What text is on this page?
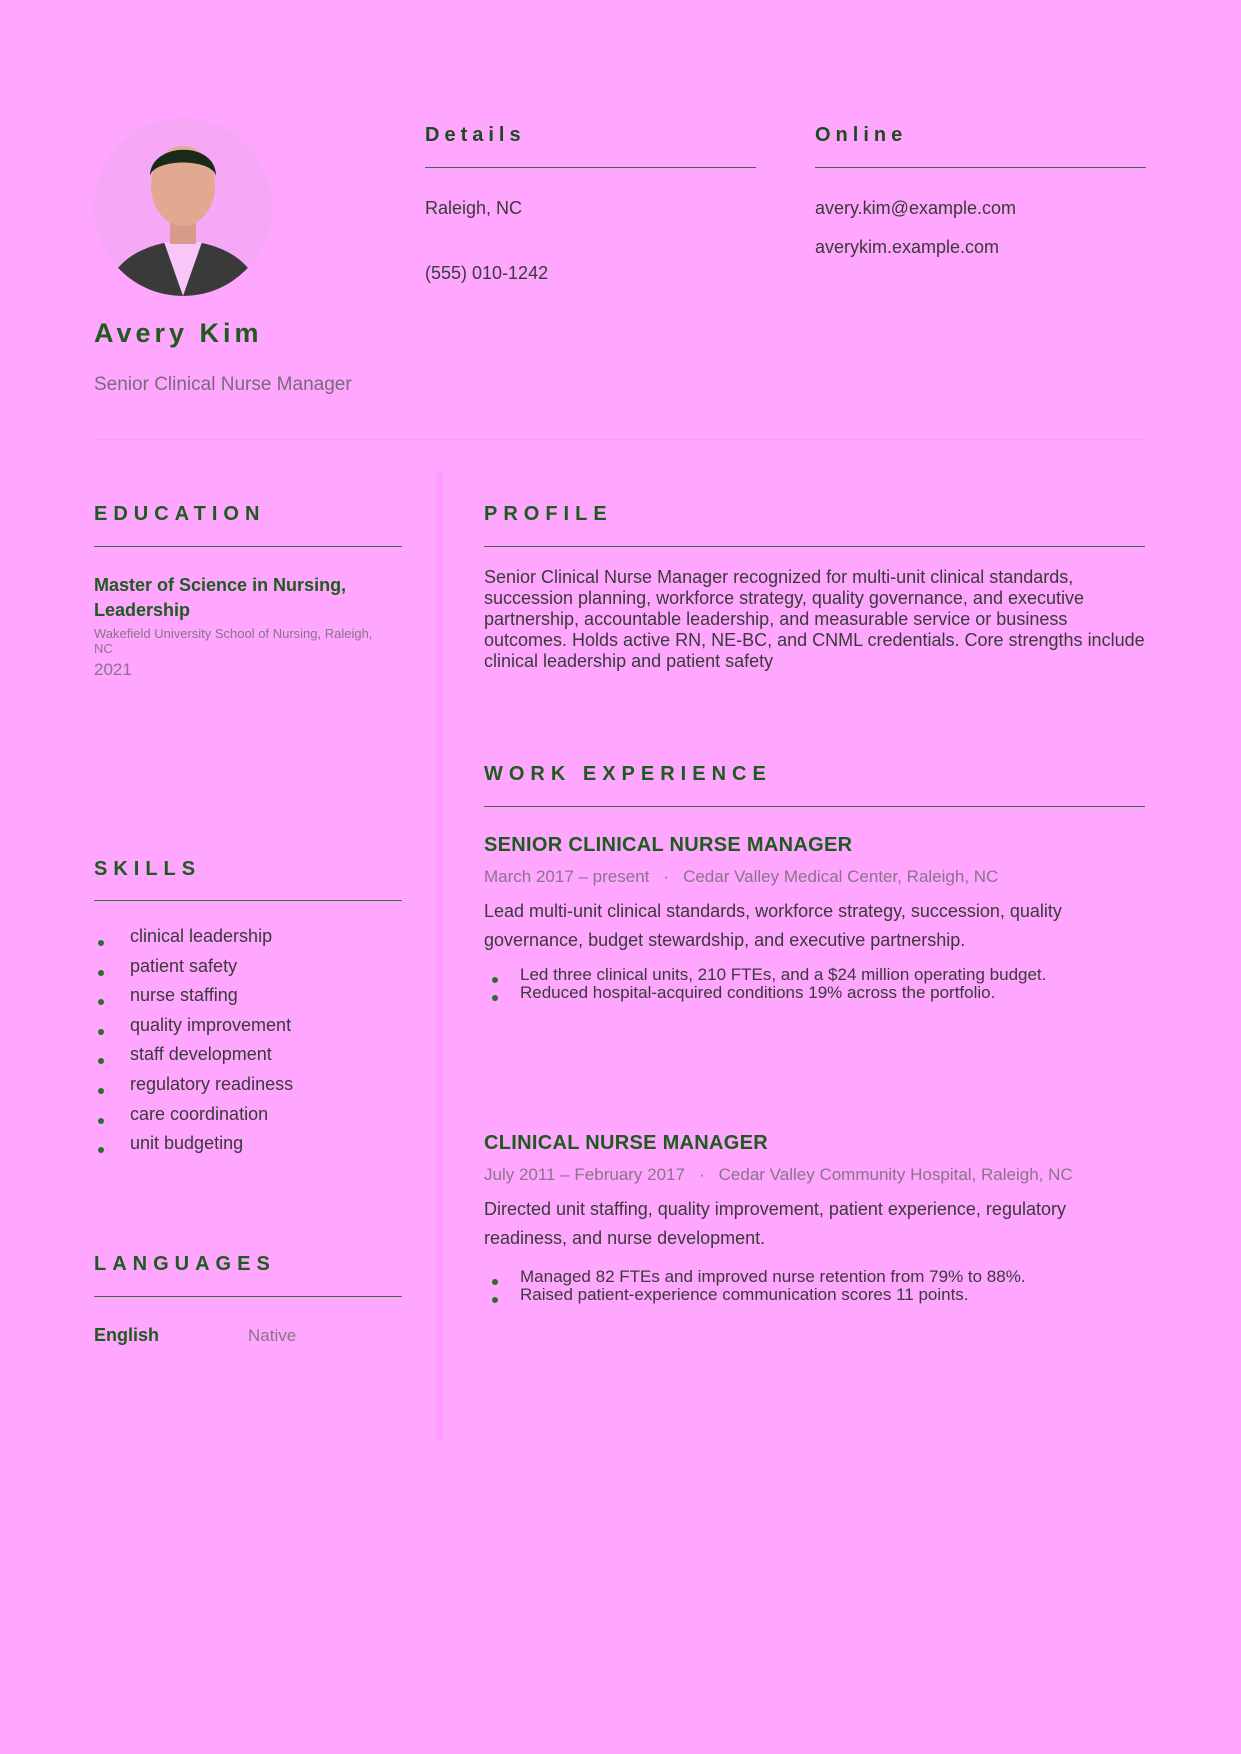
Avery Kim
Senior Clinical Nurse Manager
Details
Raleigh, NC
(555) 010-1242
Online
avery.kim@example.com
averykim.example.com
EDUCATION
Master of Science in Nursing, Leadership
Wakefield University School of Nursing, Raleigh, NC
2021
SKILLS
clinical leadership
patient safety
nurse staffing
quality improvement
staff development
regulatory readiness
care coordination
unit budgeting
LANGUAGES
English	Native
PROFILE
Senior Clinical Nurse Manager recognized for multi-unit clinical standards, succession planning, workforce strategy, quality governance, and executive partnership, accountable leadership, and measurable service or business outcomes. Holds active RN, NE-BC, and CNML credentials. Core strengths include clinical leadership and patient safety
WORK EXPERIENCE
SENIOR CLINICAL NURSE MANAGER
March 2017 – present · Cedar Valley Medical Center, Raleigh, NC
Lead multi-unit clinical standards, workforce strategy, succession, quality governance, budget stewardship, and executive partnership.
Led three clinical units, 210 FTEs, and a $24 million operating budget.
Reduced hospital-acquired conditions 19% across the portfolio.
CLINICAL NURSE MANAGER
July 2011 – February 2017 · Cedar Valley Community Hospital, Raleigh, NC
Directed unit staffing, quality improvement, patient experience, regulatory readiness, and nurse development.
Managed 82 FTEs and improved nurse retention from 79% to 88%.
Raised patient-experience communication scores 11 points.
